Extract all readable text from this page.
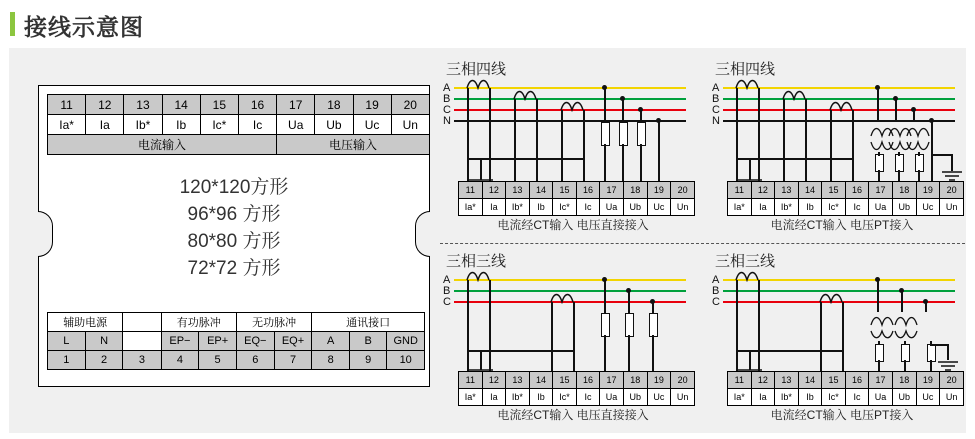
接线示意图
11	12	13	14	15	16	17	18	19	20
Ia*	Ia	Ib*	Ib	Ic*	Ic	Ua	Ub	Uc	Un
电流输入						电压输入			
120*120方形
96*96 方形
80*80 方形
72*72 方形
辅助电源			有功脉冲		无功脉冲		通讯接口		
L	N		EP−	EP+	EQ−	EQ+	A	B	GND
1	2	3	4	5	6	7	8	9	10
三相四线
A
B
C
N
11	12	13	14	15	16	17	18	19	20
Ia*	Ia	Ib*	Ib	Ic*	Ic	Ua	Ub	Uc	Un
电流经CT输入 电压直接接入
三相四线
A
B
C
N
11	12	13	14	15	16	17	18	19	20
Ia*	Ia	Ib*	Ib	Ic*	Ic	Ua	Ub	Uc	Un
电流经CT输入 电压PT接入
三相三线
A
B
C
11	12	13	14	15	16	17	18	19	20
Ia*	Ia	Ib*	Ib	Ic*	Ic	Ua	Ub	Uc	Un
电流经CT输入 电压直接接入
三相三线
A
B
C
11	12	13	14	15	16	17	18	19	20
Ia*	Ia	Ib*	Ib	Ic*	Ic	Ua	Ub	Uc	Un
电流经CT输入 电压PT接入
